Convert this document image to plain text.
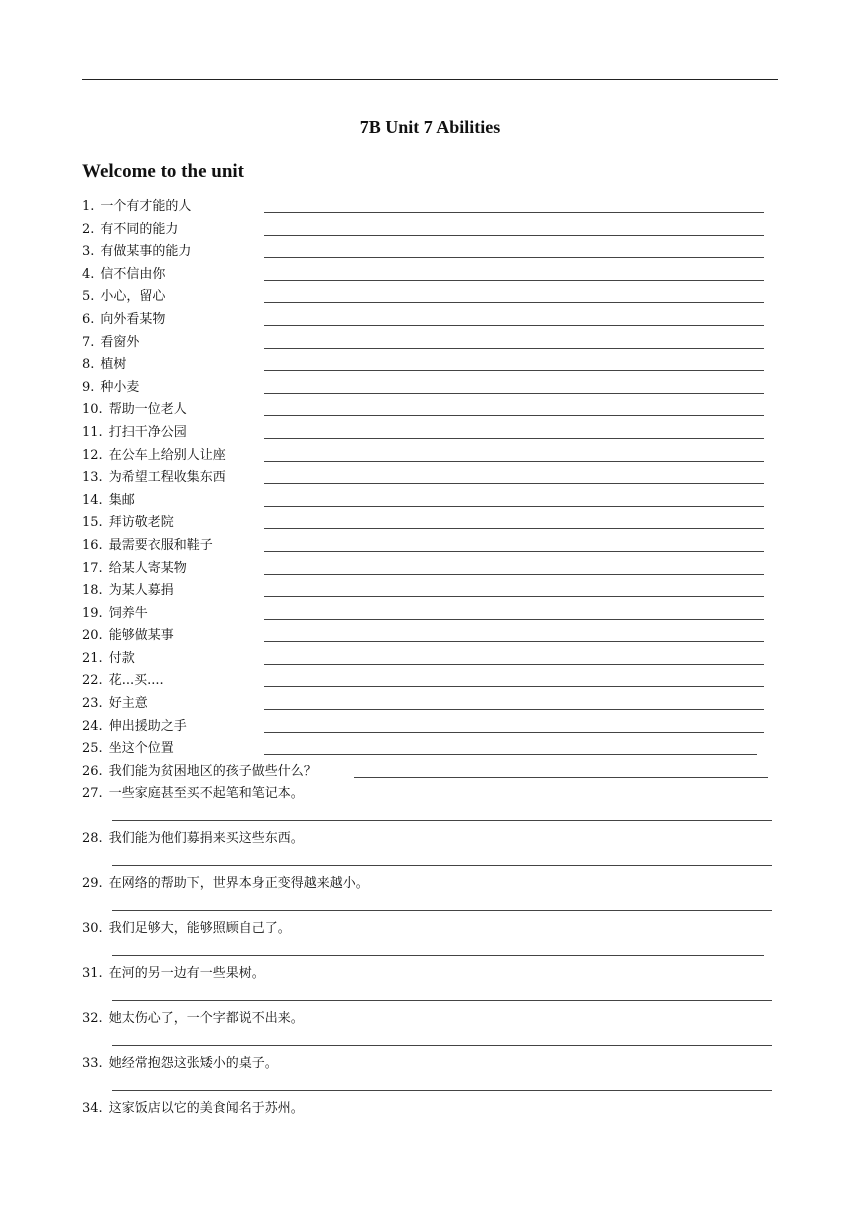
7B Unit 7 Abilities
Welcome to the unit
1. 一个有才能的人
2. 有不同的能力
3. 有做某事的能力
4. 信不信由你
5. 小心，留心
6. 向外看某物
7. 看窗外
8. 植树
9. 种小麦
10. 帮助一位老人
11. 打扫干净公园
12. 在公车上给别人让座
13. 为希望工程收集东西
14. 集邮
15. 拜访敬老院
16. 最需要衣服和鞋子
17. 给某人寄某物
18. 为某人募捐
19. 饲养牛
20. 能够做某事
21. 付款
22. 花...买....
23. 好主意
24. 伸出援助之手
25. 坐这个位置
26. 我们能为贫困地区的孩子做些什么？
27. 一些家庭甚至买不起笔和笔记本。
28. 我们能为他们募捐来买这些东西。
29. 在网络的帮助下，世界本身正变得越来越小。
30. 我们足够大，能够照顾自己了。
31. 在河的另一边有一些果树。
32. 她太伤心了，一个字都说不出来。
33. 她经常抱怨这张矮小的桌子。
34. 这家饭店以它的美食闻名于苏州。
